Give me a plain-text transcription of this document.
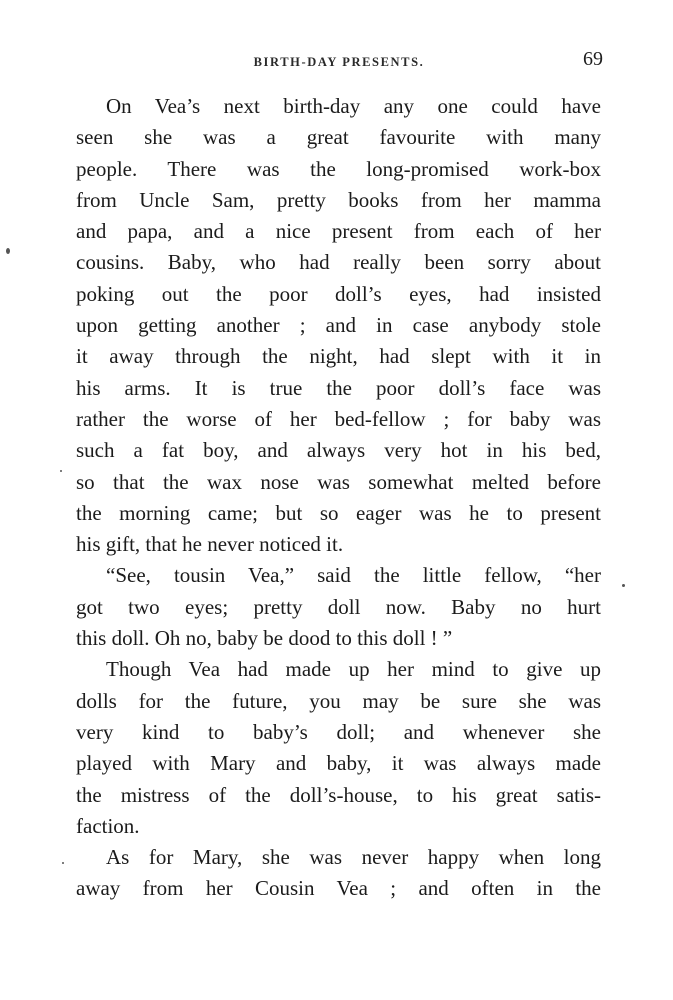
BIRTH-DAY PRESENTS.	69
On Vea’s next birth-day any one could have
seen she was a great favourite with many
people. There was the long-promised work-box
from Uncle Sam, pretty books from her mamma
and papa, and a nice present from each of her
cousins. Baby, who had really been sorry about
poking out the poor doll’s eyes, had insisted
upon getting another ; and in case anybody stole
it away through the night, had slept with it in
his arms. It is true the poor doll’s face was
rather the worse of her bed-fellow ; for baby was
such a fat boy, and always very hot in his bed,
so that the wax nose was somewhat melted before
the morning came; but so eager was he to present
his gift, that he never noticed it.
“See, tousin Vea,” said the little fellow, “her
got two eyes; pretty doll now. Baby no hurt
this doll. Oh no, baby be dood to this doll ! ”
Though Vea had made up her mind to give up
dolls for the future, you may be sure she was
very kind to baby’s doll; and whenever she
played with Mary and baby, it was always made
the mistress of the doll’s-house, to his great satis-
faction.
As for Mary, she was never happy when long
away from her Cousin Vea ; and often in the
